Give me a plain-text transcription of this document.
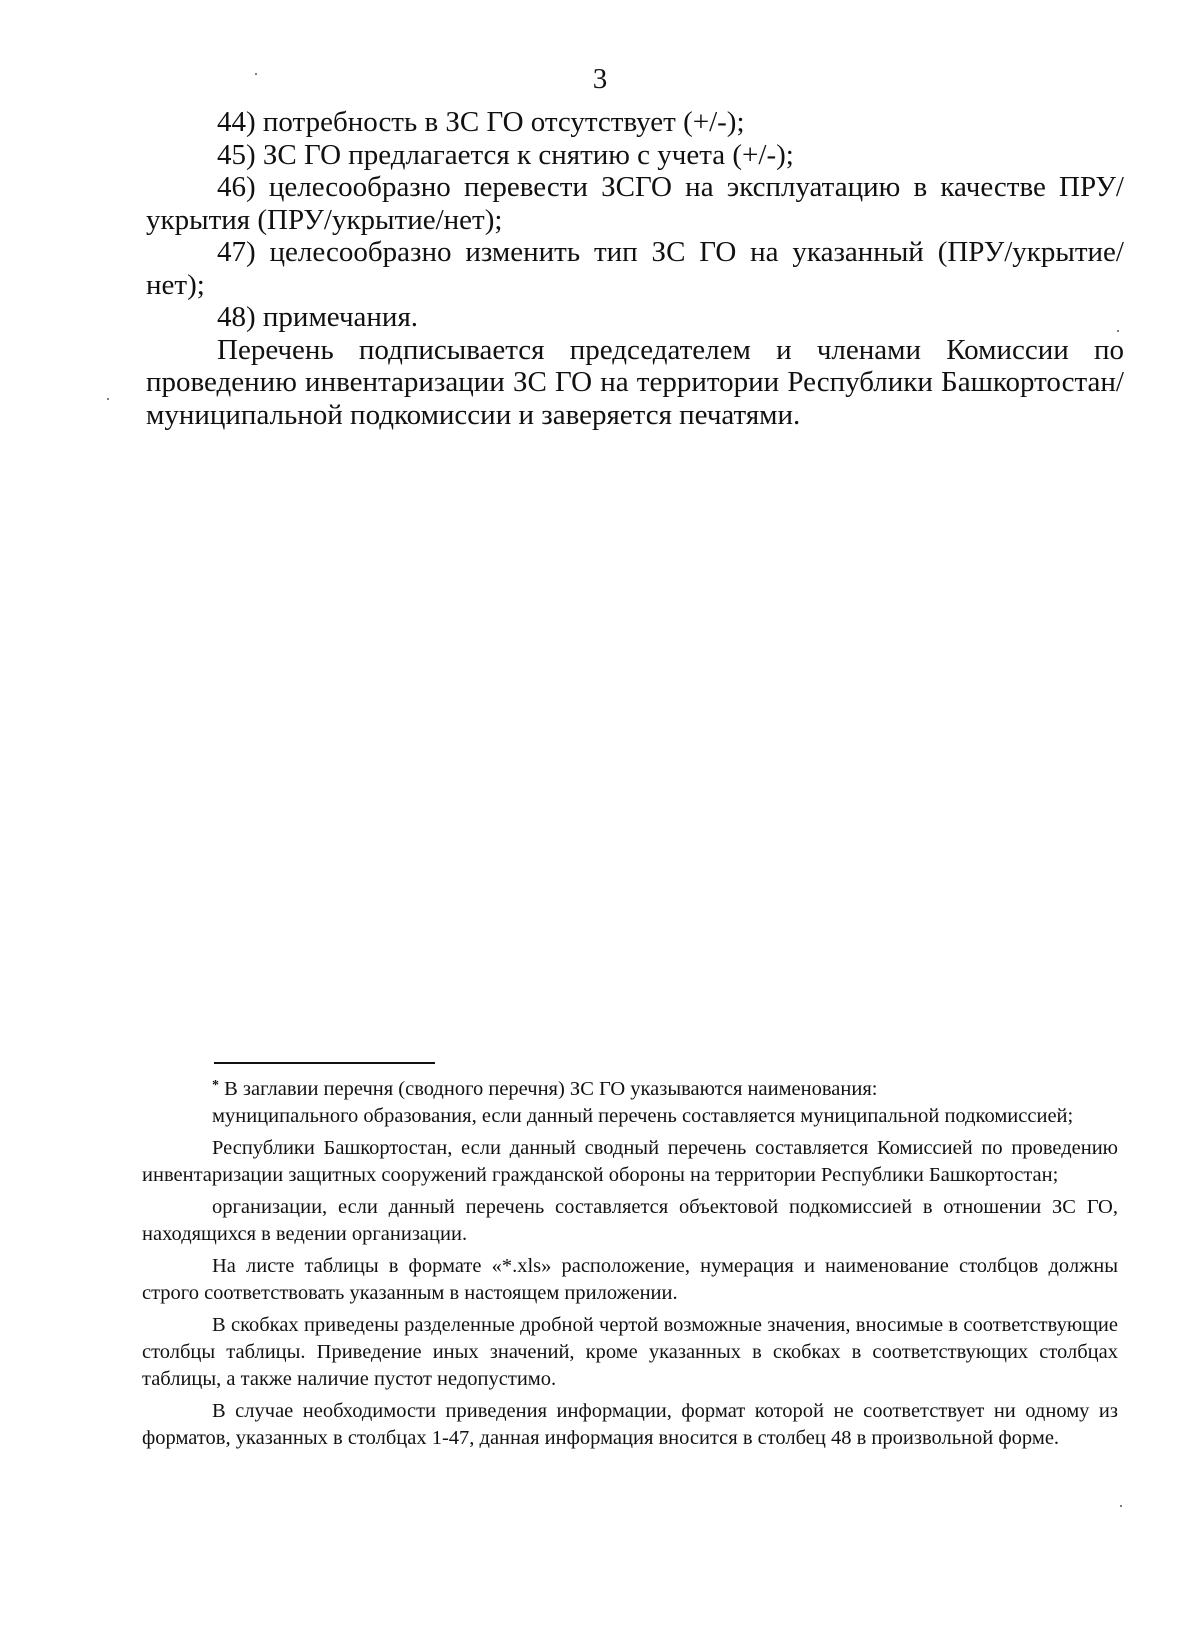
3

44) потребность в ЗС ГО отсутствует (+/-);

45) ЗС ГО предлагается к снятию с учета (+/-);

46) целесообразно перевести ЗСГО на эксплуатацию в качестве ПРУ/укрытия (ПРУ/укрытие/нет);

47) целесообразно изменить тип ЗС ГО на указанный (ПРУ/укрытие/нет);

48) примечания.

Перечень подписывается председателем и членами Комиссии по проведению инвентаризации ЗС ГО на территории Республики Башкортостан/муниципальной подкомиссии и заверяется печатями.

* В заглавии перечня (сводного перечня) ЗС ГО указываются наименования:

муниципального образования, если данный перечень составляется муниципальной подкомиссией;

Республики Башкортостан, если данный сводный перечень составляется Комиссией по проведению инвентаризации защитных сооружений гражданской обороны на территории Республики Башкортостан;

организации, если данный перечень составляется объектовой подкомиссией в отношении ЗС ГО, находящихся в ведении организации.

На листе таблицы в формате «*.xls» расположение, нумерация и наименование столбцов должны строго соответствовать указанным в настоящем приложении.

В скобках приведены разделенные дробной чертой возможные значения, вносимые в соответствующие столбцы таблицы. Приведение иных значений, кроме указанных в скобках в соответствующих столбцах таблицы, а также наличие пустот недопустимо.

В случае необходимости приведения информации, формат которой не соответствует ни одному из форматов, указанных в столбцах 1-47, данная информация вносится в столбец 48 в произвольной форме.
